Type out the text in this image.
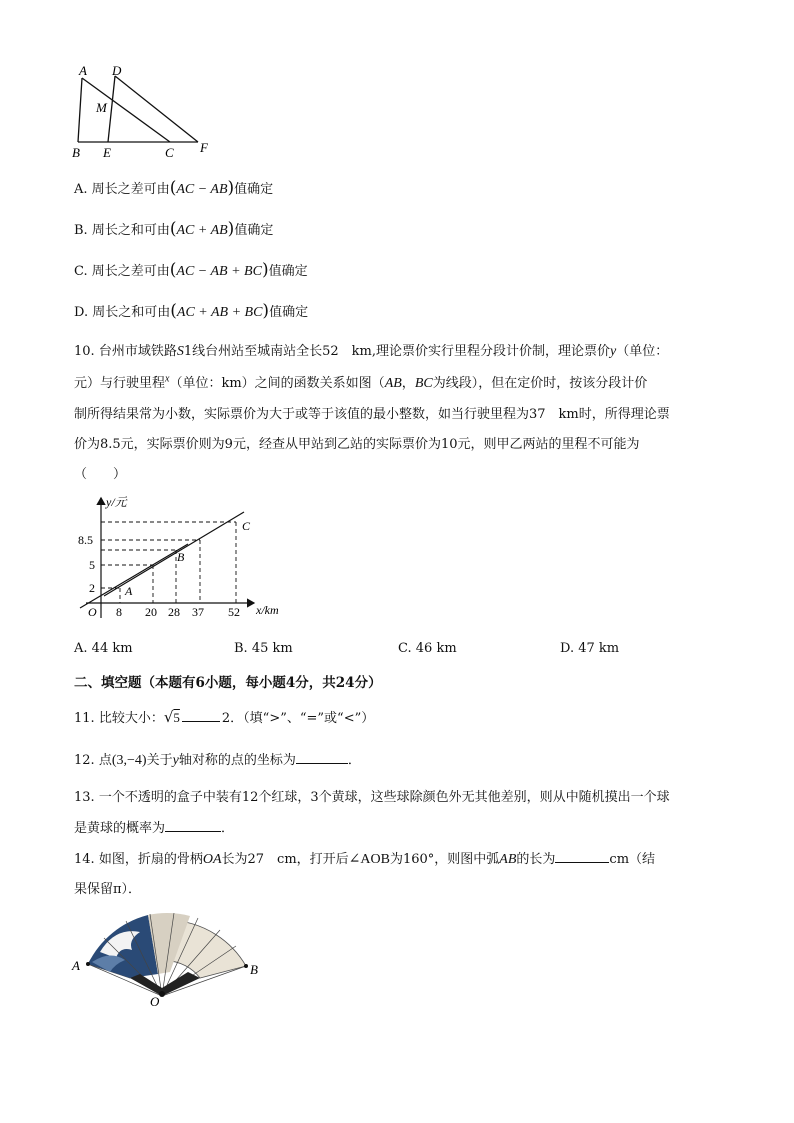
A D
M
B E	C F
A. 周长之差可由(AC − AB)值确定
B. 周长之和可由(AC + AB)值确定
C. 周长之差可由(AC − AB + BC)值确定
D. 周长之和可由(AC + AB + BC)值确定
10. 台州市域铁路S1线台州站至城南站全长52　km,理论票价实行里程分段计价制，理论票价y（单位：
元）与行驶里程$^x$（单位：km）之间的函数关系如图（AB，BC为线段），但在定价时，按该分段计价
制所得结果常为小数，实际票价为大于或等于该值的最小整数，如当行驶里程为37　km时，所得理论票
价为8.5元，实际票价则为9元，经查从甲站到乙站的实际票价为10元，则甲乙两站的里程不可能为
（　　）
y/元
x/km
O
8.5
5
2
8 20 28 37 52
A
B
C
A. 44 km	B. 45 km	C. 46 km	D. 47 km
二、填空题（本题有6小题，每小题4分，共24分）
11. 比较大小：√5	2．（填“>”、“=”或“<”）
12. 点(3,−4)关于y轴对称的点的坐标为	．
13. 一个不透明的盒子中装有12个红球，3个黄球，这些球除颜色外无其他差别，则从中随机摸出一个球
是黄球的概率为	．
14. 如图，折扇的骨柄OA长为27　cm，打开后∠AOB为160°，则图中弧AB的长为	cm（结
果保留π）．
A	B
O
